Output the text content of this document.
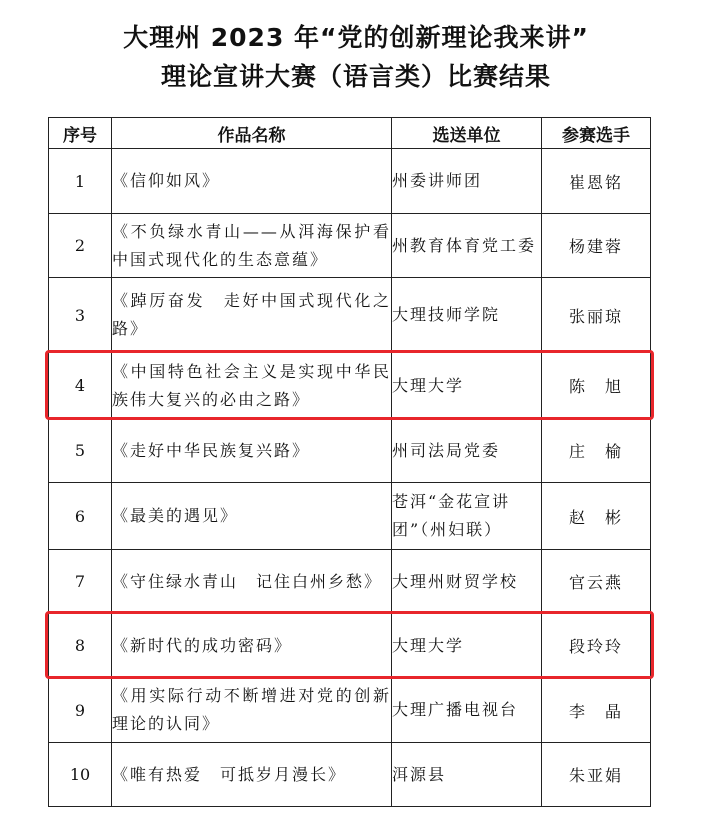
大理州 2023 年“党的创新理论我来讲”
理论宣讲大赛（语言类）比赛结果
序号	作品名称	选送单位	参赛选手
1	《信仰如风》	州委讲师团	崔恩铭
2	《不负绿水青山——从洱海保护看中国式现代化的生态意蕴》	州教育体育党工委	杨建蓉
3	《踔厉奋发　走好中国式现代化之路》	大理技师学院	张丽琼
4	《中国特色社会主义是实现中华民族伟大复兴的必由之路》	大理大学	陈　旭
5	《走好中华民族复兴路》	州司法局党委	庄　榆
6	《最美的遇见》	苍洱“金花宣讲团”（州妇联）	赵　彬
7	《守住绿水青山　记住白州乡愁》	大理州财贸学校	官云燕
8	《新时代的成功密码》	大理大学	段玲玲
9	《用实际行动不断增进对党的创新理论的认同》	大理广播电视台	李　晶
10	《唯有热爱　可抵岁月漫长》	洱源县	朱亚娟
